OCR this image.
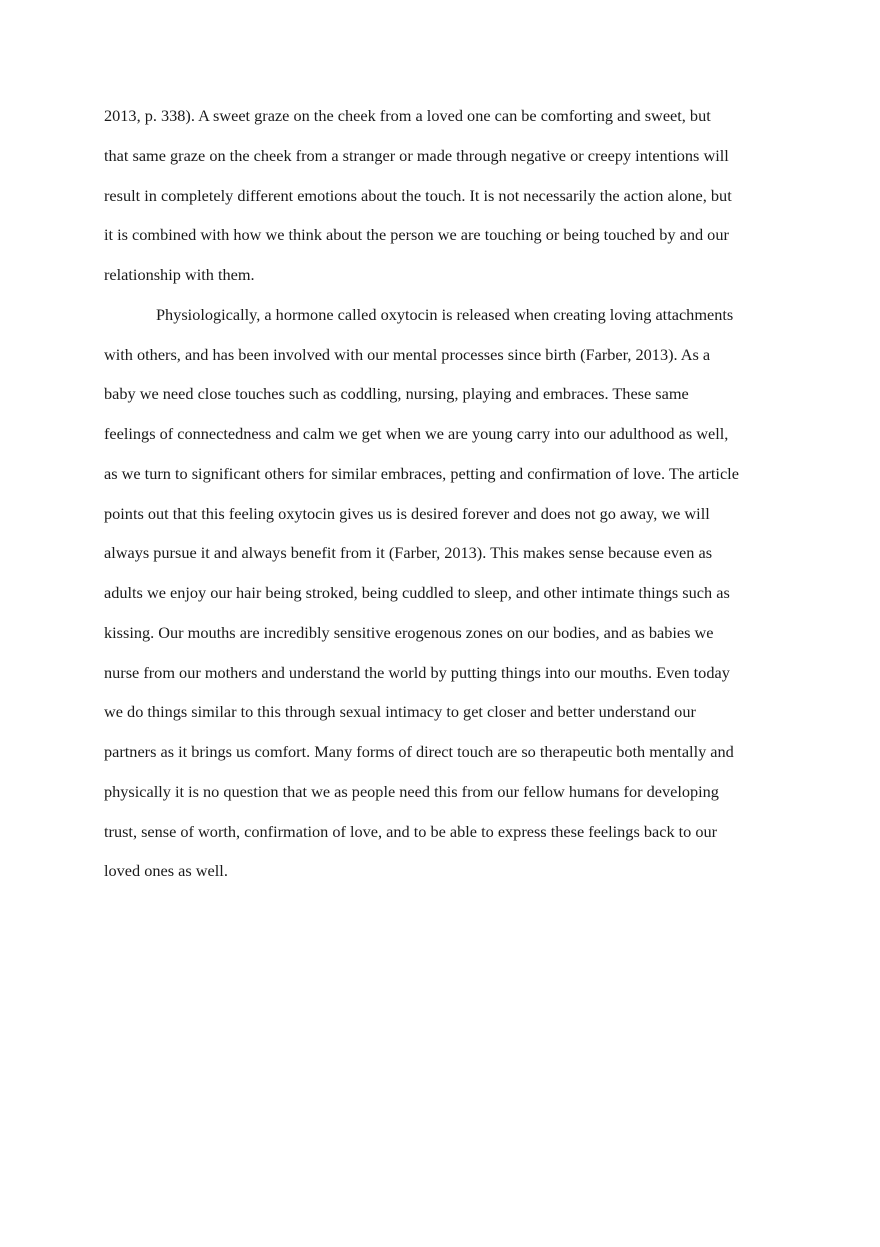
2013, p. 338). A sweet graze on the cheek from a loved one can be comforting and sweet, but
that same graze on the cheek from a stranger or made through negative or creepy intentions will
result in completely different emotions about the touch. It is not necessarily the action alone, but
it is combined with how we think about the person we are touching or being touched by and our
relationship with them.
Physiologically, a hormone called oxytocin is released when creating loving attachments
with others, and has been involved with our mental processes since birth (Farber, 2013). As a
baby we need close touches such as coddling, nursing, playing and embraces. These same
feelings of connectedness and calm we get when we are young carry into our adulthood as well,
as we turn to significant others for similar embraces, petting and confirmation of love. The article
points out that this feeling oxytocin gives us is desired forever and does not go away, we will
always pursue it and always benefit from it (Farber, 2013). This makes sense because even as
adults we enjoy our hair being stroked, being cuddled to sleep, and other intimate things such as
kissing. Our mouths are incredibly sensitive erogenous zones on our bodies, and as babies we
nurse from our mothers and understand the world by putting things into our mouths. Even today
we do things similar to this through sexual intimacy to get closer and better understand our
partners as it brings us comfort. Many forms of direct touch are so therapeutic both mentally and
physically it is no question that we as people need this from our fellow humans for developing
trust, sense of worth, confirmation of love, and to be able to express these feelings back to our
loved ones as well.
